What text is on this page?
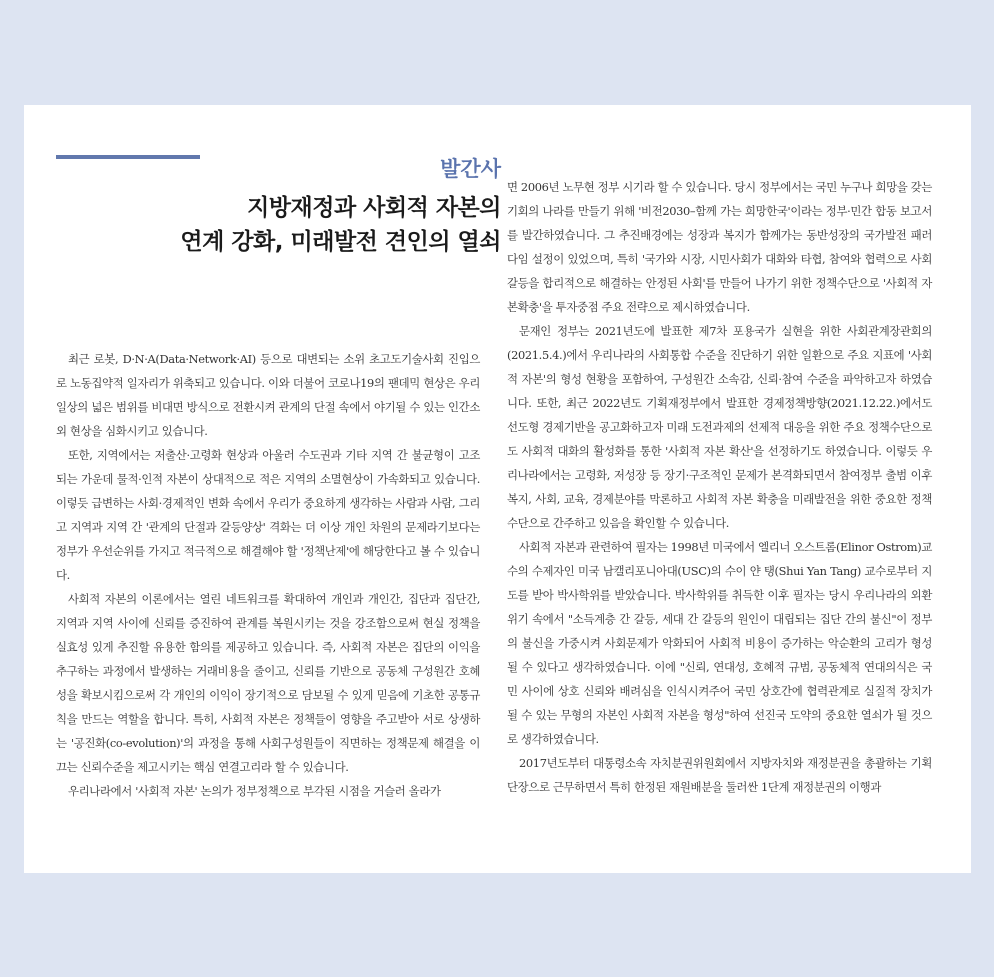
발간사
지방재정과 사회적 자본의
연계 강화, 미래발전 견인의 열쇠

최근 로봇, D·N·A(Data·Network·AI) 등으로 대변되는 소위 초고도기술사회 진입으로 노동집약적 일자리가 위축되고 있습니다. 이와 더불어 코로나19의 팬데믹 현상은 우리 일상의 넓은 범위를 비대면 방식으로 전환시켜 관계의 단절 속에서 야기될 수 있는 인간소외 현상을 심화시키고 있습니다.

또한, 지역에서는 저출산·고령화 현상과 아울러 수도권과 기타 지역 간 불균형이 고조되는 가운데 물적·인적 자본이 상대적으로 적은 지역의 소멸현상이 가속화되고 있습니다. 이렇듯 급변하는 사회·경제적인 변화 속에서 우리가 중요하게 생각하는 사람과 사람, 그리고 지역과 지역 간 '관계의 단절과 갈등양상' 격화는 더 이상 개인 차원의 문제라기보다는 정부가 우선순위를 가지고 적극적으로 해결해야 할 '정책난제'에 해당한다고 볼 수 있습니다.

사회적 자본의 이론에서는 열린 네트워크를 확대하여 개인과 개인간, 집단과 집단간, 지역과 지역 사이에 신뢰를 증진하여 관계를 복원시키는 것을 강조함으로써 현실 정책을 실효성 있게 추진할 유용한 함의를 제공하고 있습니다. 즉, 사회적 자본은 집단의 이익을 추구하는 과정에서 발생하는 거래비용을 줄이고, 신뢰를 기반으로 공동체 구성원간 호혜성을 확보시킴으로써 각 개인의 이익이 장기적으로 담보될 수 있게 믿음에 기초한 공통규칙을 만드는 역할을 합니다. 특히, 사회적 자본은 정책들이 영향을 주고받아 서로 상생하는 '공진화(co-evolution)'의 과정을 통해 사회구성원들이 직면하는 정책문제 해결을 이끄는 신뢰수준을 제고시키는 핵심 연결고리라 할 수 있습니다.

우리나라에서 '사회적 자본' 논의가 정부정책으로 부각된 시점을 거슬러 올라가

면 2006년 노무현 정부 시기라 할 수 있습니다. 당시 정부에서는 국민 누구나 희망을 갖는 기회의 나라를 만들기 위해 '비전2030–함께 가는 희망한국'이라는 정부·민간 합동 보고서를 발간하였습니다. 그 추진배경에는 성장과 복지가 함께가는 동반성장의 국가발전 패러다임 설정이 있었으며, 특히 '국가와 시장, 시민사회가 대화와 타협, 참여와 협력으로 사회갈등을 합리적으로 해결하는 안정된 사회'를 만들어 나가기 위한 정책수단으로 '사회적 자본확충'을 투자중점 주요 전략으로 제시하였습니다.

문재인 정부는 2021년도에 발표한 제7차 포용국가 실현을 위한 사회관계장관회의(2021.5.4.)에서 우리나라의 사회통합 수준을 진단하기 위한 일환으로 주요 지표에 '사회적 자본'의 형성 현황을 포함하여, 구성원간 소속감, 신뢰·참여 수준을 파악하고자 하였습니다. 또한, 최근 2022년도 기획재정부에서 발표한 경제정책방향(2021.12.22.)에서도 선도형 경제기반을 공고화하고자 미래 도전과제의 선제적 대응을 위한 주요 정책수단으로도 사회적 대화의 활성화를 통한 '사회적 자본 확산'을 선정하기도 하였습니다. 이렇듯 우리나라에서는 고령화, 저성장 등 장기·구조적인 문제가 본격화되면서 참여정부 출범 이후 복지, 사회, 교육, 경제분야를 막론하고 사회적 자본 확충을 미래발전을 위한 중요한 정책수단으로 간주하고 있음을 확인할 수 있습니다.

사회적 자본과 관련하여 필자는 1998년 미국에서 엘리너 오스트롬(Elinor Ostrom)교수의 수제자인 미국 남캘리포니아대(USC)의 수이 얀 탱(Shui Yan Tang) 교수로부터 지도를 받아 박사학위를 받았습니다. 박사학위를 취득한 이후 필자는 당시 우리나라의 외환위기 속에서 "소득계층 간 갈등, 세대 간 갈등의 원인이 대립되는 집단 간의 불신"이 정부의 불신을 가중시켜 사회문제가 악화되어 사회적 비용이 증가하는 악순환의 고리가 형성될 수 있다고 생각하였습니다. 이에 "신뢰, 연대성, 호혜적 규범, 공동체적 연대의식은 국민 사이에 상호 신뢰와 배려심을 인식시켜주어 국민 상호간에 협력관계로 실질적 장치가 될 수 있는 무형의 자본인 사회적 자본을 형성"하여 선진국 도약의 중요한 열쇠가 될 것으로 생각하였습니다.

2017년도부터 대통령소속 자치분권위원회에서 지방자치와 재정분권을 총괄하는 기획단장으로 근무하면서 특히 한정된 재원배분을 둘러싼 1단계 재정분권의 이행과
